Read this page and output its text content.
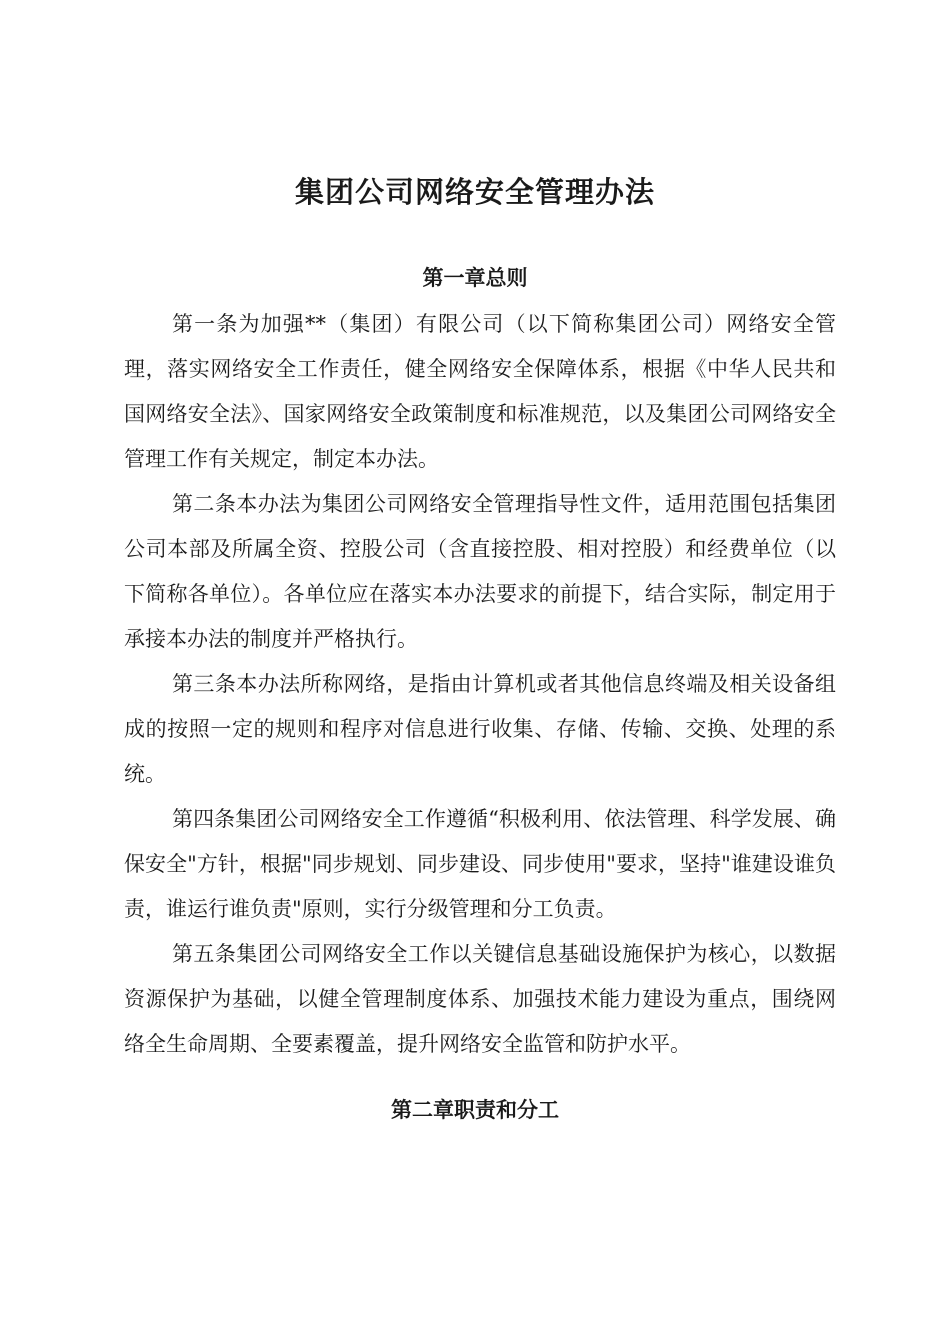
集团公司网络安全管理办法
第一章总则

第一条为加强**（集团）有限公司（以下简称集团公司）网络安全管理，落实网络安全工作责任，健全网络安全保障体系，根据《中华人民共和国网络安全法》、国家网络安全政策制度和标准规范，以及集团公司网络安全管理工作有关规定，制定本办法。

第二条本办法为集团公司网络安全管理指导性文件，适用范围包括集团公司本部及所属全资、控股公司（含直接控股、相对控股）和经费单位（以下简称各单位）。各单位应在落实本办法要求的前提下，结合实际，制定用于承接本办法的制度并严格执行。

第三条本办法所称网络，是指由计算机或者其他信息终端及相关设备组成的按照一定的规则和程序对信息进行收集、存储、传输、交换、处理的系统。

第四条集团公司网络安全工作遵循“积极利用、依法管理、科学发展、确保安全"方针，根据"同步规划、同步建设、同步使用"要求，坚持"谁建设谁负责，谁运行谁负责"原则，实行分级管理和分工负责。

第五条集团公司网络安全工作以关键信息基础设施保护为核心，以数据资源保护为基础，以健全管理制度体系、加强技术能力建设为重点，围绕网络全生命周期、全要素覆盖，提升网络安全监管和防护水平。

第二章职责和分工
